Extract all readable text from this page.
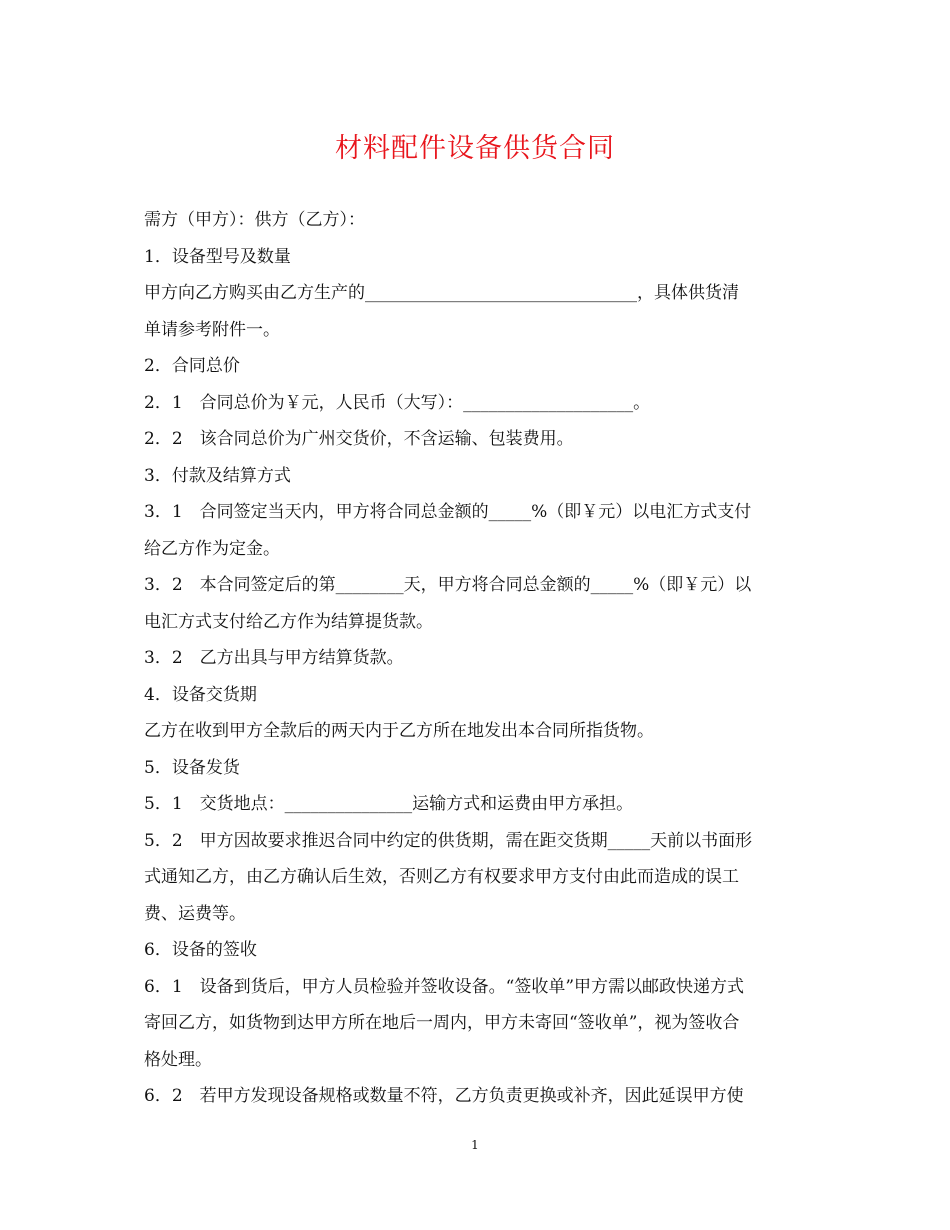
材料配件设备供货合同
需方（甲方）：供方（乙方）：
1．设备型号及数量
甲方向乙方购买由乙方生产的________________________________，具体供货清
单请参考附件一。
2．合同总价
2．1　合同总价为￥元，人民币（大写）：____________________。
2．2　该合同总价为广州交货价，不含运输、包装费用。
3．付款及结算方式
3．1　合同签定当天内，甲方将合同总金额的_____%（即￥元）以电汇方式支付
给乙方作为定金。
3．2　本合同签定后的第________天，甲方将合同总金额的_____%（即￥元）以
电汇方式支付给乙方作为结算提货款。
3．2　乙方出具与甲方结算货款。
4．设备交货期
乙方在收到甲方全款后的两天内于乙方所在地发出本合同所指货物。
5．设备发货
5．1　交货地点：_______________运输方式和运费由甲方承担。
5．2　甲方因故要求推迟合同中约定的供货期，需在距交货期_____天前以书面形
式通知乙方，由乙方确认后生效，否则乙方有权要求甲方支付由此而造成的误工
费、运费等。
6．设备的签收
6．1　设备到货后，甲方人员检验并签收设备。“签收单”甲方需以邮政快递方式
寄回乙方，如货物到达甲方所在地后一周内，甲方未寄回“签收单”，视为签收合
格处理。
6．2　若甲方发现设备规格或数量不符，乙方负责更换或补齐，因此延误甲方使
1
